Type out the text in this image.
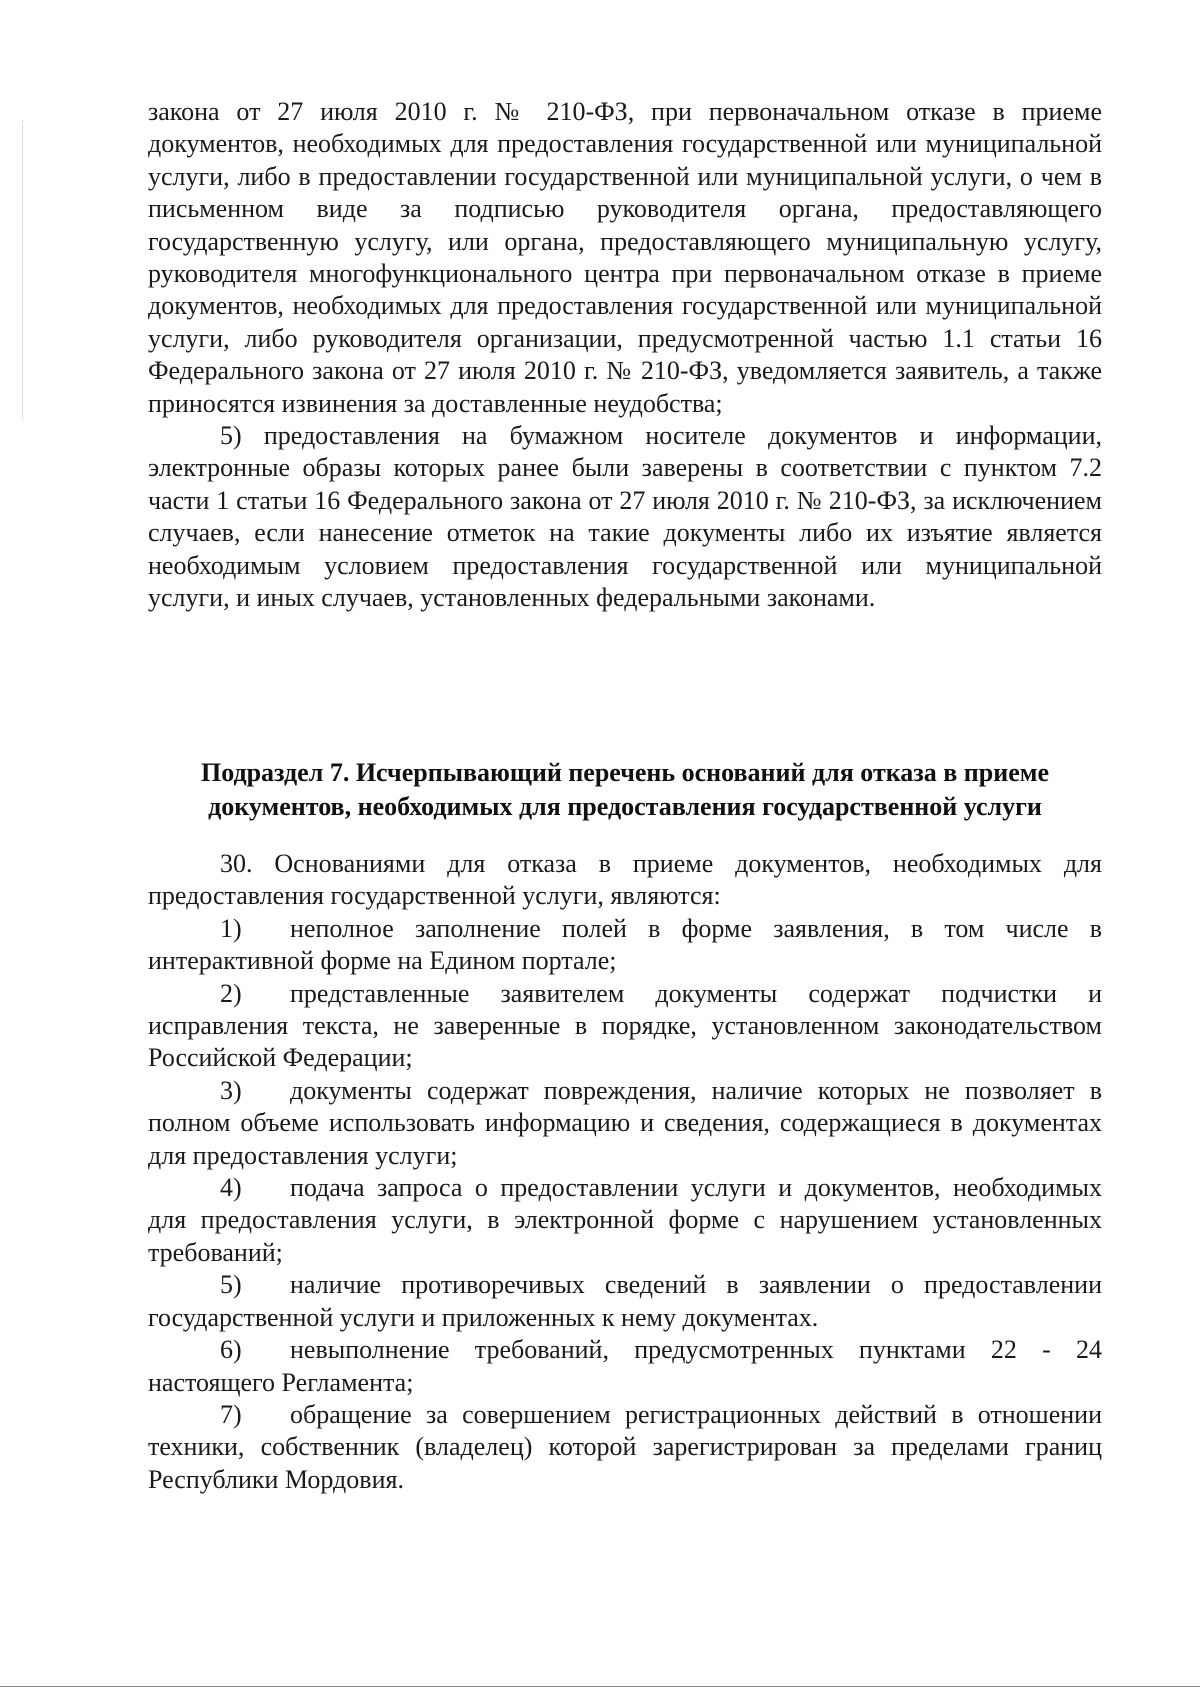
закона от 27 июля 2010 г. № 210-ФЗ, при первоначальном отказе в приеме документов, необходимых для предоставления государственной или муниципальной услуги, либо в предоставлении государственной или муниципальной услуги, о чем в письменном виде за подписью руководителя органа, предоставляющего государственную услугу, или органа, предоставляющего муниципальную услугу, руководителя многофункционального центра при первоначальном отказе в приеме документов, необходимых для предоставления государственной или муниципальной услуги, либо руководителя организации, предусмотренной частью 1.1 статьи 16 Федерального закона от 27 июля 2010 г. № 210-ФЗ, уведомляется заявитель, а также приносятся извинения за доставленные неудобства;

5) предоставления на бумажном носителе документов и информации, электронные образы которых ранее были заверены в соответствии с пунктом 7.2 части 1 статьи 16 Федерального закона от 27 июля 2010 г. № 210-ФЗ, за исключением случаев, если нанесение отметок на такие документы либо их изъятие является необходимым условием предоставления государственной или муниципальной услуги, и иных случаев, установленных федеральными законами.

Подраздел 7. Исчерпывающий перечень оснований для отказа в приеме
документов, необходимых для предоставления государственной услуги

30. Основаниями для отказа в приеме документов, необходимых для предоставления государственной услуги, являются:

1) неполное заполнение полей в форме заявления, в том числе в интерактивной форме на Едином портале;

2) представленные заявителем документы содержат подчистки и исправления текста, не заверенные в порядке, установленном законодательством Российской Федерации;

3) документы содержат повреждения, наличие которых не позволяет в полном объеме использовать информацию и сведения, содержащиеся в документах для предоставления услуги;

4) подача запроса о предоставлении услуги и документов, необходимых для предоставления услуги, в электронной форме с нарушением установленных требований;

5) наличие противоречивых сведений в заявлении о предоставлении государственной услуги и приложенных к нему документах.

6) невыполнение требований, предусмотренных пунктами 22 - 24 настоящего Регламента;

7) обращение за совершением регистрационных действий в отношении техники, собственник (владелец) которой зарегистрирован за пределами границ Республики Мордовия.
